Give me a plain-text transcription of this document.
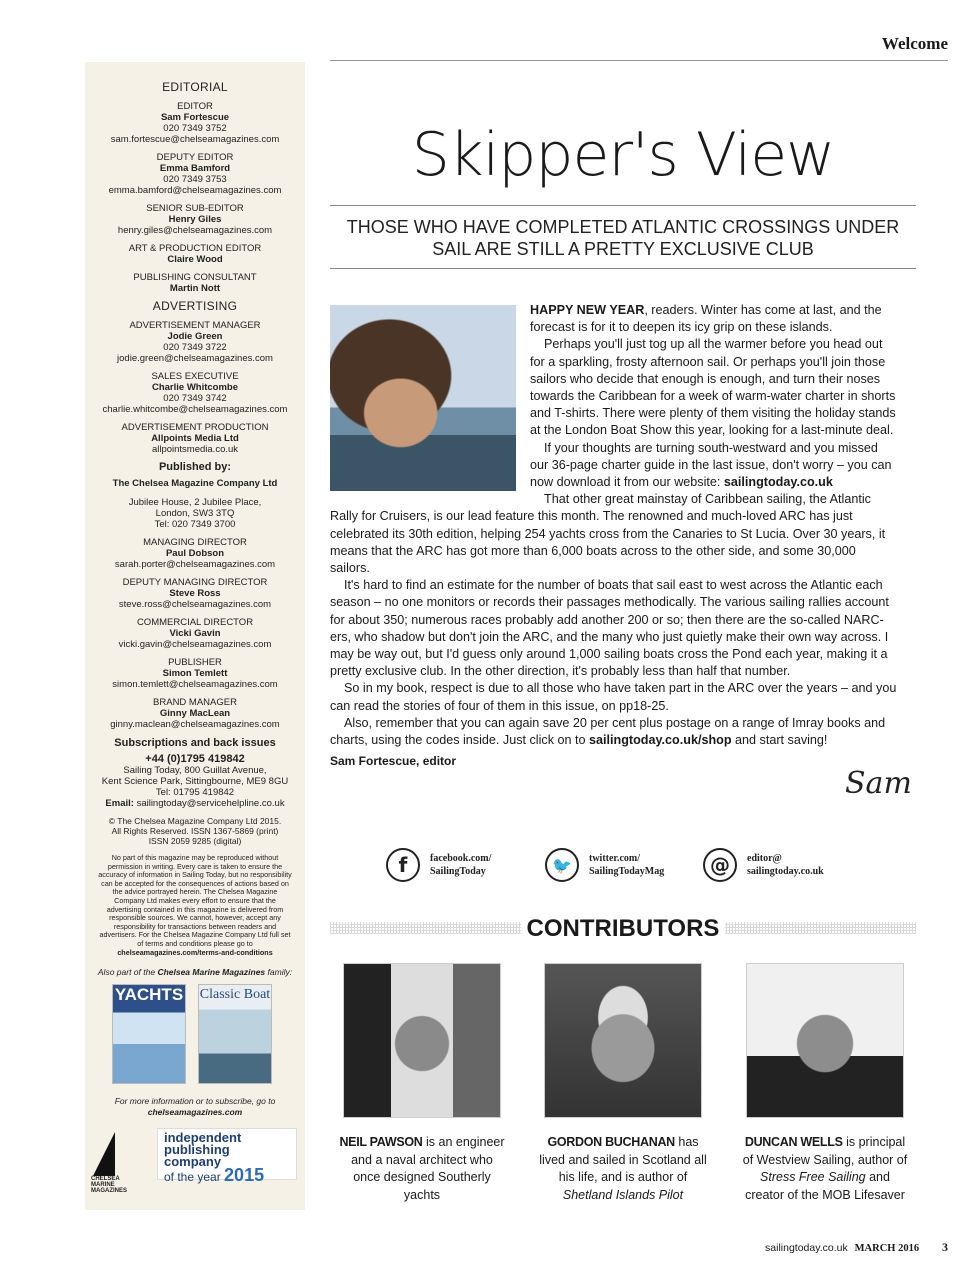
Welcome
EDITORIAL
EDITOR
Sam Fortescue
020 7349 3752
sam.fortescue@chelseamagazines.com
DEPUTY EDITOR
Emma Bamford
020 7349 3753
emma.bamford@chelseamagazines.com
SENIOR SUB-EDITOR
Henry Giles
henry.giles@chelseamagazines.com
ART & PRODUCTION EDITOR
Claire Wood
PUBLISHING CONSULTANT
Martin Nott
ADVERTISING
ADVERTISEMENT MANAGER
Jodie Green
020 7349 3722
jodie.green@chelseamagazines.com
SALES EXECUTIVE
Charlie Whitcombe
020 7349 3742
charlie.whitcombe@chelseamagazines.com
ADVERTISEMENT PRODUCTION
Allpoints Media Ltd
allpointsmedia.co.uk
Published by:
The Chelsea Magazine Company Ltd
Jubilee House, 2 Jubilee Place,
London, SW3 3TQ
Tel: 020 7349 3700
MANAGING DIRECTOR
Paul Dobson
sarah.porter@chelseamagazines.com
DEPUTY MANAGING DIRECTOR
Steve Ross
steve.ross@chelseamagazines.com
COMMERCIAL DIRECTOR
Vicki Gavin
vicki.gavin@chelseamagazines.com
PUBLISHER
Simon Temlett
simon.temlett@chelseamagazines.com
BRAND MANAGER
Ginny MacLean
ginny.maclean@chelseamagazines.com
Subscriptions and back issues
+44 (0)1795 419842
Sailing Today, 800 Guillat Avenue,
Kent Science Park, Sittingbourne, ME9 8GU
Tel: 01795 419842
Email: sailingtoday@servicehelpline.co.uk
© The Chelsea Magazine Company Ltd 2015.
All Rights Reserved. ISSN 1367-5869 (print)
ISSN 2059 9285 (digital)
No part of this magazine may be reproduced without permission in writing. Every care is taken to ensure the accuracy of information in Sailing Today, but no responsibility can be accepted for the consequences of actions based on the advice portrayed herein. The Chelsea Magazine Company Ltd makes every effort to ensure that the advertising contained in this magazine is delivered from responsible sources. We cannot, however, accept any responsibility for transactions between readers and advertisers. For the Chelsea Magazine Company Ltd full set of terms and conditions please go to chelseamagazines.com/terms-and-conditions
Also part of the Chelsea Marine Magazines family:
YACHTS Classic Boat
For more information or to subscribe, go to
chelseamagazines.com
CHELSEA MARINE MAGAZINES
independent publishing company
of the year 2015
Skipper's View
THOSE WHO HAVE COMPLETED ATLANTIC CROSSINGS UNDER SAIL ARE STILL A PRETTY EXCLUSIVE CLUB

HAPPY NEW YEAR, readers. Winter has come at last, and the forecast is for it to deepen its icy grip on these islands.

Perhaps you'll just tog up all the warmer before you head out for a sparkling, frosty afternoon sail. Or perhaps you'll join those sailors who decide that enough is enough, and turn their noses towards the Caribbean for a week of warm-water charter in shorts and T-shirts. There were plenty of them visiting the holiday stands at the London Boat Show this year, looking for a last-minute deal.

If your thoughts are turning south-westward and you missed our 36-page charter guide in the last issue, don't worry – you can now download it from our website: sailingtoday.co.uk

That other great mainstay of Caribbean sailing, the Atlantic Rally for Cruisers, is our lead feature this month. The renowned and much-loved ARC has just celebrated its 30th edition, helping 254 yachts cross from the Canaries to St Lucia. Over 30 years, it means that the ARC has got more than 6,000 boats across to the other side, and some 30,000 sailors.

It's hard to find an estimate for the number of boats that sail east to west across the Atlantic each season – no one monitors or records their passages methodically. The various sailing rallies account for about 350; numerous races probably add another 200 or so; then there are the so-called NARC-ers, who shadow but don't join the ARC, and the many who just quietly make their own way across. I may be way out, but I'd guess only around 1,000 sailing boats cross the Pond each year, making it a pretty exclusive club. In the other direction, it's probably less than half that number.

So in my book, respect is due to all those who have taken part in the ARC over the years – and you can read the stories of four of them in this issue, on pp18-25.

Also, remember that you can again save 20 per cent plus postage on a range of Imray books and charts, using the codes inside. Just click on to sailingtoday.co.uk/shop and start saving!

Sam Fortescue, editor
Sam
f	facebook.com/
SailingToday	🐦	twitter.com/
SailingTodayMag	@	editor@
sailingtoday.co.uk
CONTRIBUTORS
NEIL PAWSON is an engineer and a naval architect who once designed Southerly yachts
GORDON BUCHANAN has lived and sailed in Scotland all his life, and is author of Shetland Islands Pilot
DUNCAN WELLS is principal of Westview Sailing, author of Stress Free Sailing and creator of the MOB Lifesaver
sailingtoday.co.uk MARCH 2016 3
